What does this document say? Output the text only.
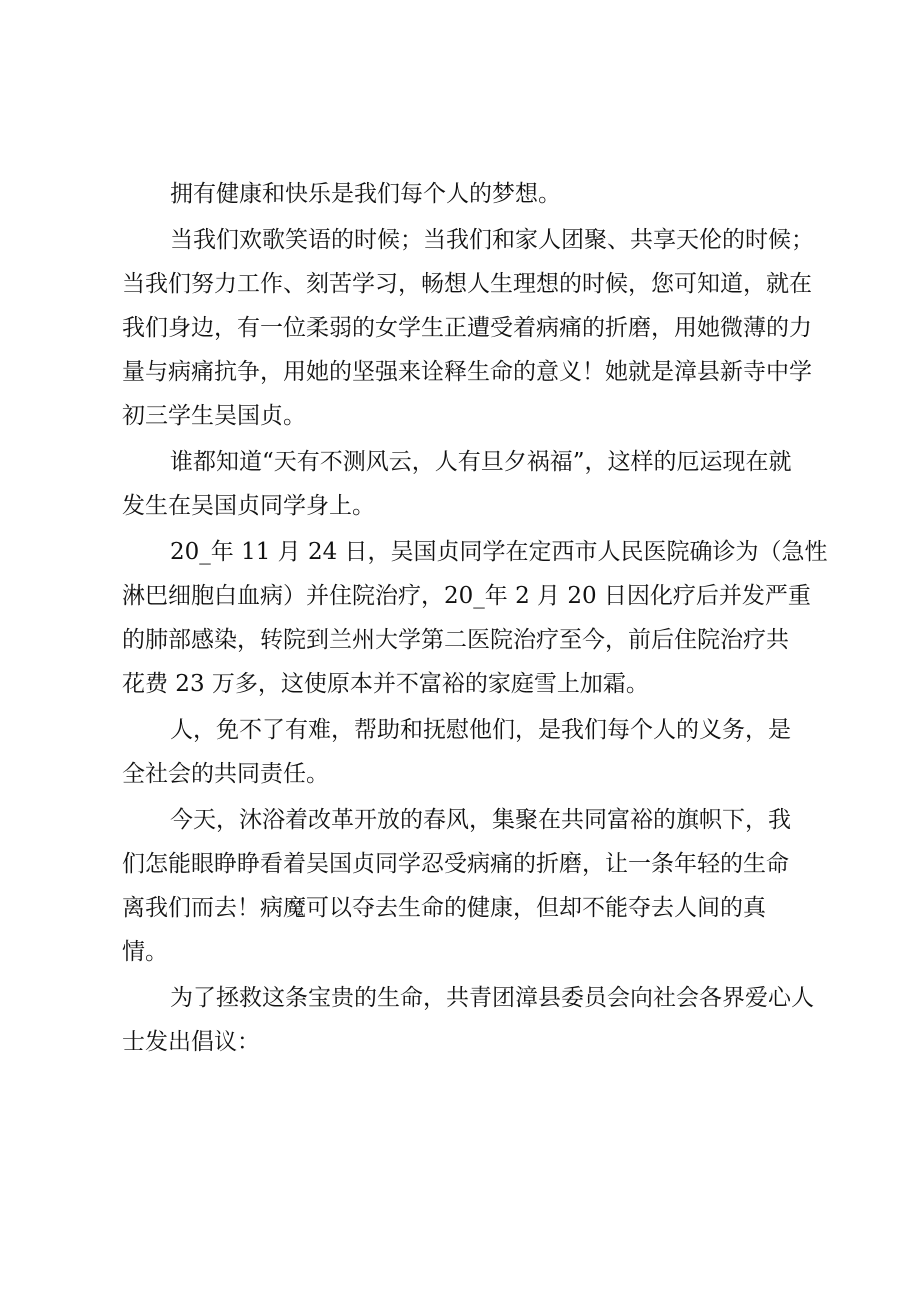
拥有健康和快乐是我们每个人的梦想。
当我们欢歌笑语的时候；当我们和家人团聚、共享天伦的时候；
当我们努力工作、刻苦学习，畅想人生理想的时候，您可知道，就在
我们身边，有一位柔弱的女学生正遭受着病痛的折磨，用她微薄的力
量与病痛抗争，用她的坚强来诠释生命的意义！她就是漳县新寺中学
初三学生吴国贞。
谁都知道“天有不测风云，人有旦夕祸福”，这样的厄运现在就
发生在吴国贞同学身上。
20_年 11 月 24 日，吴国贞同学在定西市人民医院确诊为（急性
淋巴细胞白血病）并住院治疗，20_年 2 月 20 日因化疗后并发严重
的肺部感染，转院到兰州大学第二医院治疗至今，前后住院治疗共
花费 23 万多，这使原本并不富裕的家庭雪上加霜。
人，免不了有难，帮助和抚慰他们，是我们每个人的义务，是
全社会的共同责任。
今天，沐浴着改革开放的春风，集聚在共同富裕的旗帜下，我
们怎能眼睁睁看着吴国贞同学忍受病痛的折磨，让一条年轻的生命
离我们而去！病魔可以夺去生命的健康，但却不能夺去人间的真
情。
为了拯救这条宝贵的生命，共青团漳县委员会向社会各界爱心人
士发出倡议：
